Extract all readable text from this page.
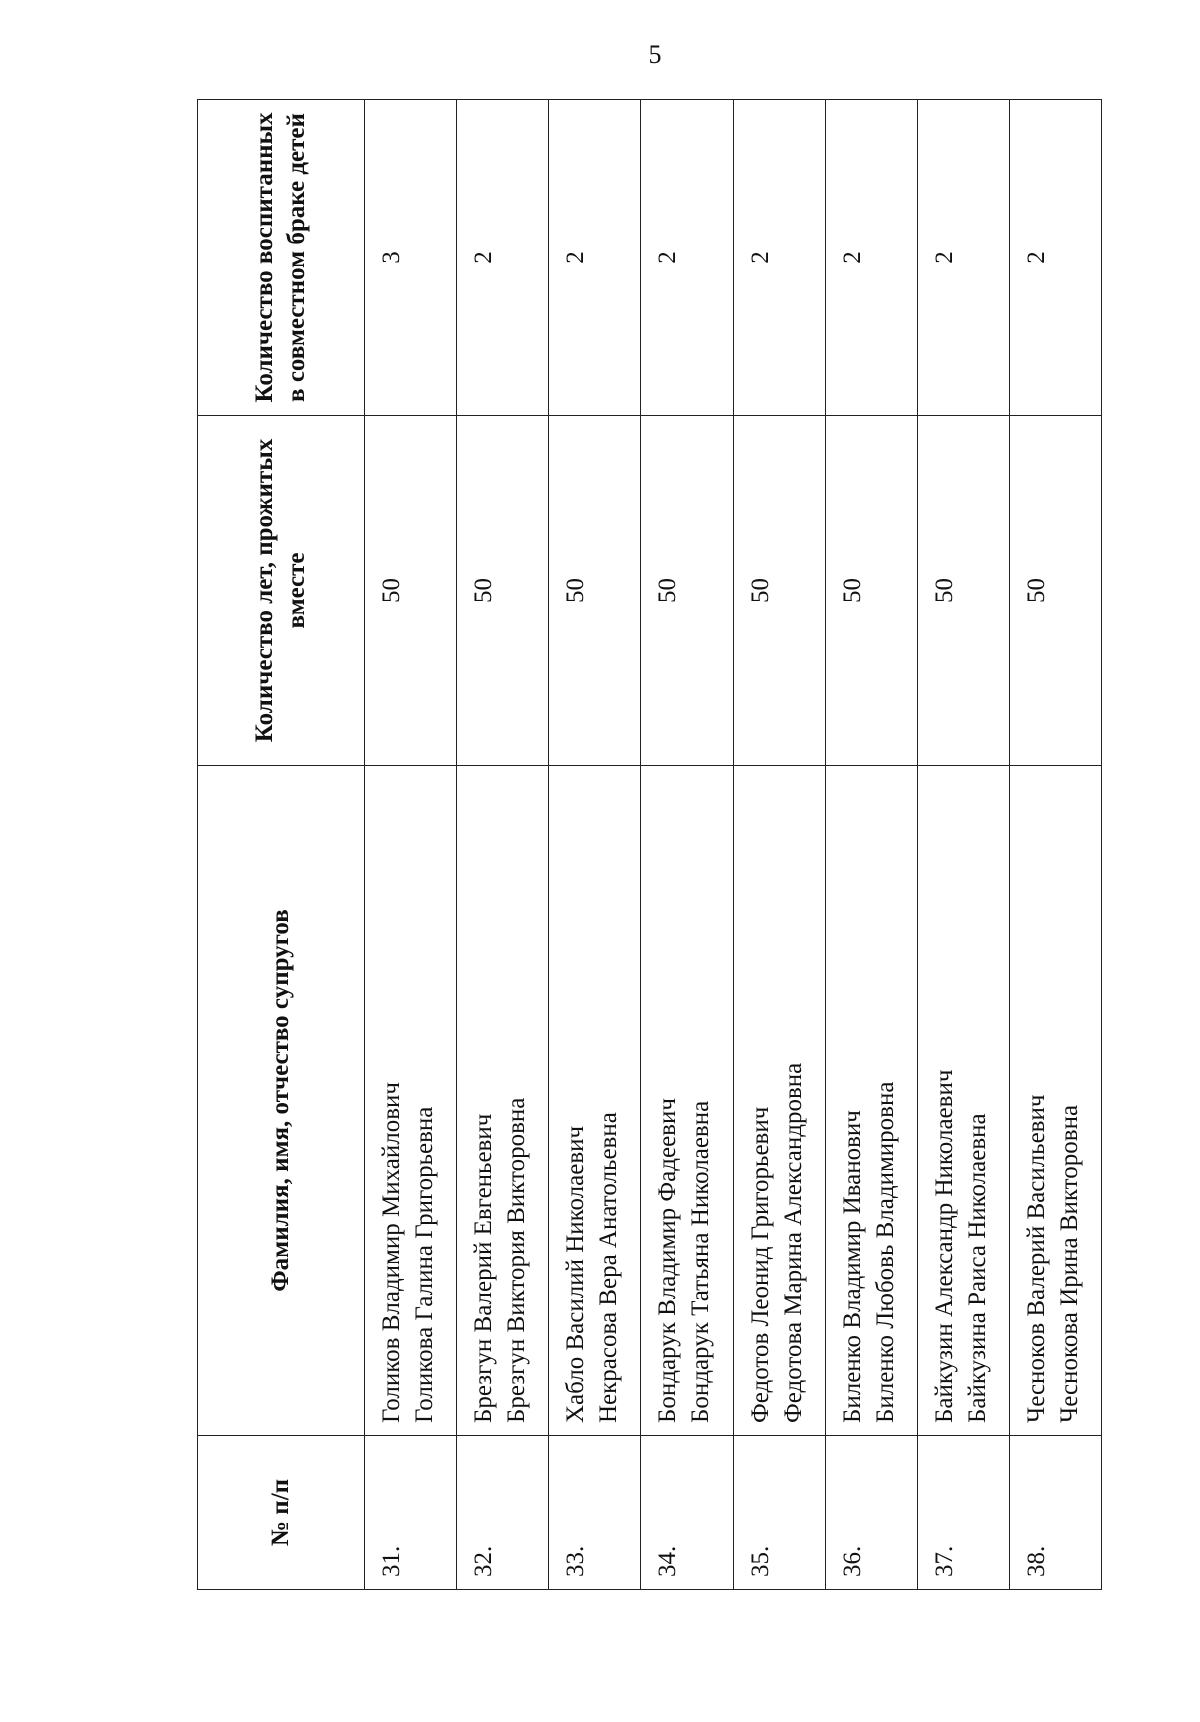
5
№ п/п	Фамилия, имя, отчество супругов	Количество лет, прожитых вместе	Количество воспитанных в совместном браке детей
31.	Голиков Владимир Михайлович Голикова Галина Григорьевна	50	3
32.	Брезгун Валерий Евгеньевич Брезгун Виктория Викторовна	50	2
33.	Хабло Василий Николаевич Некрасова Вера Анатольевна	50	2
34.	Бондарук Владимир Фадеевич Бондарук Татьяна Николаевна	50	2
35.	Федотов Леонид Григорьевич Федотова Марина Александровна	50	2
36.	Биленко Владимир Иванович Биленко Любовь Владимировна	50	2
37.	Байкузин Александр Николаевич Байкузина Раиса Николаевна	50	2
38.	Чесноков Валерий Васильевич Чеснокова Ирина Викторовна	50	2
